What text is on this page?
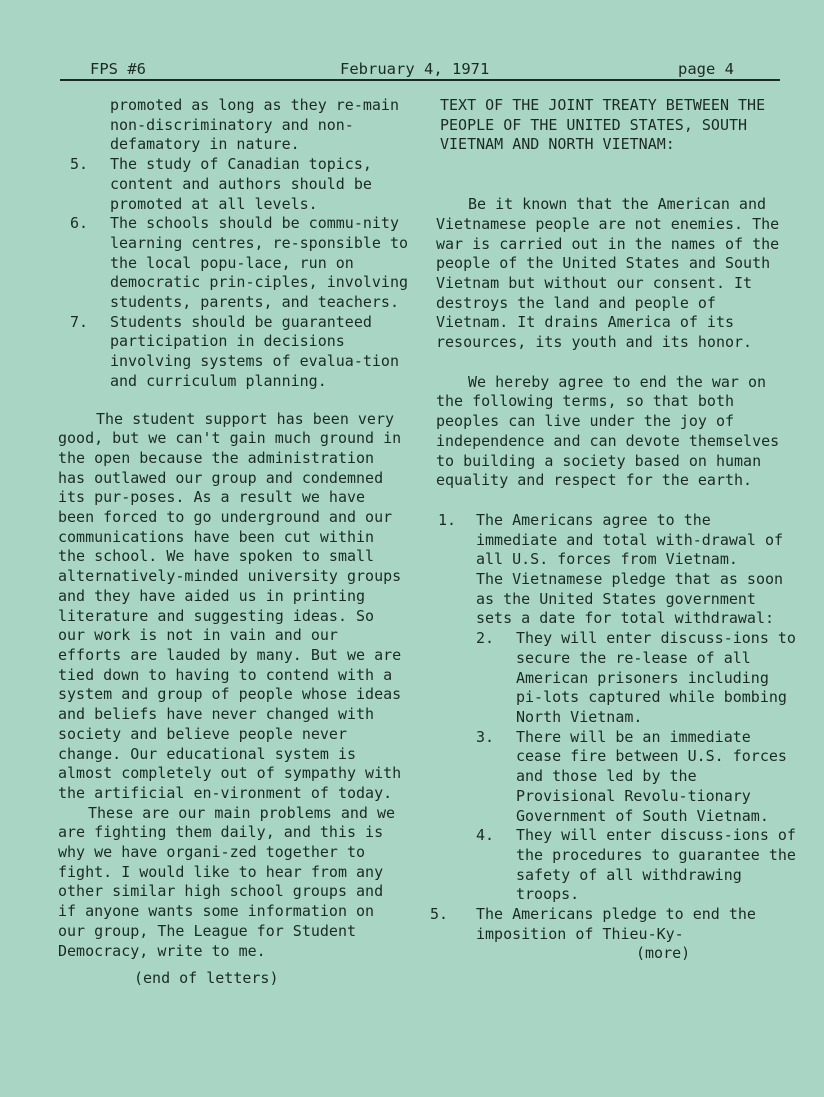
FPS #6	February 4, 1971	page 4

promoted as long as they re-main non-discriminatory and non-defamatory in nature.

5. The study of Canadian topics, content and authors should be promoted at all levels.
6. The schools should be commu-nity learning centres, re-sponsible to the local popu-lace, run on democratic prin-ciples, involving students, parents, and teachers.
7. Students should be guaranteed participation in decisions involving systems of evalua-tion and curriculum planning.

The student support has been very good, but we can't gain much ground in the open because the administration has outlawed our group and condemned its pur-poses. As a result we have been forced to go underground and our communications have been cut within the school. We have spoken to small alternatively-minded university groups and they have aided us in printing literature and suggesting ideas. So our work is not in vain and our efforts are lauded by many. But we are tied down to having to contend with a system and group of people whose ideas and beliefs have never changed with society and believe people never change. Our educational system is almost completely out of sympathy with the artificial en-vironment of today.

These are our main problems and we are fighting them daily, and this is why we have organi-zed together to fight. I would like to hear from any other similar high school groups and if anyone wants some information on our group, The League for Student Democracy, write to me.

(end of letters)

TEXT OF THE JOINT TREATY BETWEEN THE PEOPLE OF THE UNITED STATES, SOUTH VIETNAM AND NORTH VIETNAM:

Be it known that the American and Vietnamese people are not enemies. The war is carried out in the names of the people of the United States and South Vietnam but without our consent. It destroys the land and people of Vietnam. It drains America of its resources, its youth and its honor.

We hereby agree to end the war on the following terms, so that both peoples can live under the joy of independence and can devote themselves to building a society based on human equality and respect for the earth.

1. The Americans agree to the immediate and total with-drawal of all U.S. forces from Vietnam.
The Vietnamese pledge that as soon as the United States government sets a date for total withdrawal:
2. They will enter discuss-ions to secure the re-lease of all American prisoners including pi-lots captured while bombing North Vietnam.
3. There will be an immediate cease fire between U.S. forces and those led by the Provisional Revolu-tionary Government of South Vietnam.
4. They will enter discuss-ions of the procedures to guarantee the safety of all withdrawing troops.
5. The Americans pledge to end the imposition of Thieu-Ky-

(more)
